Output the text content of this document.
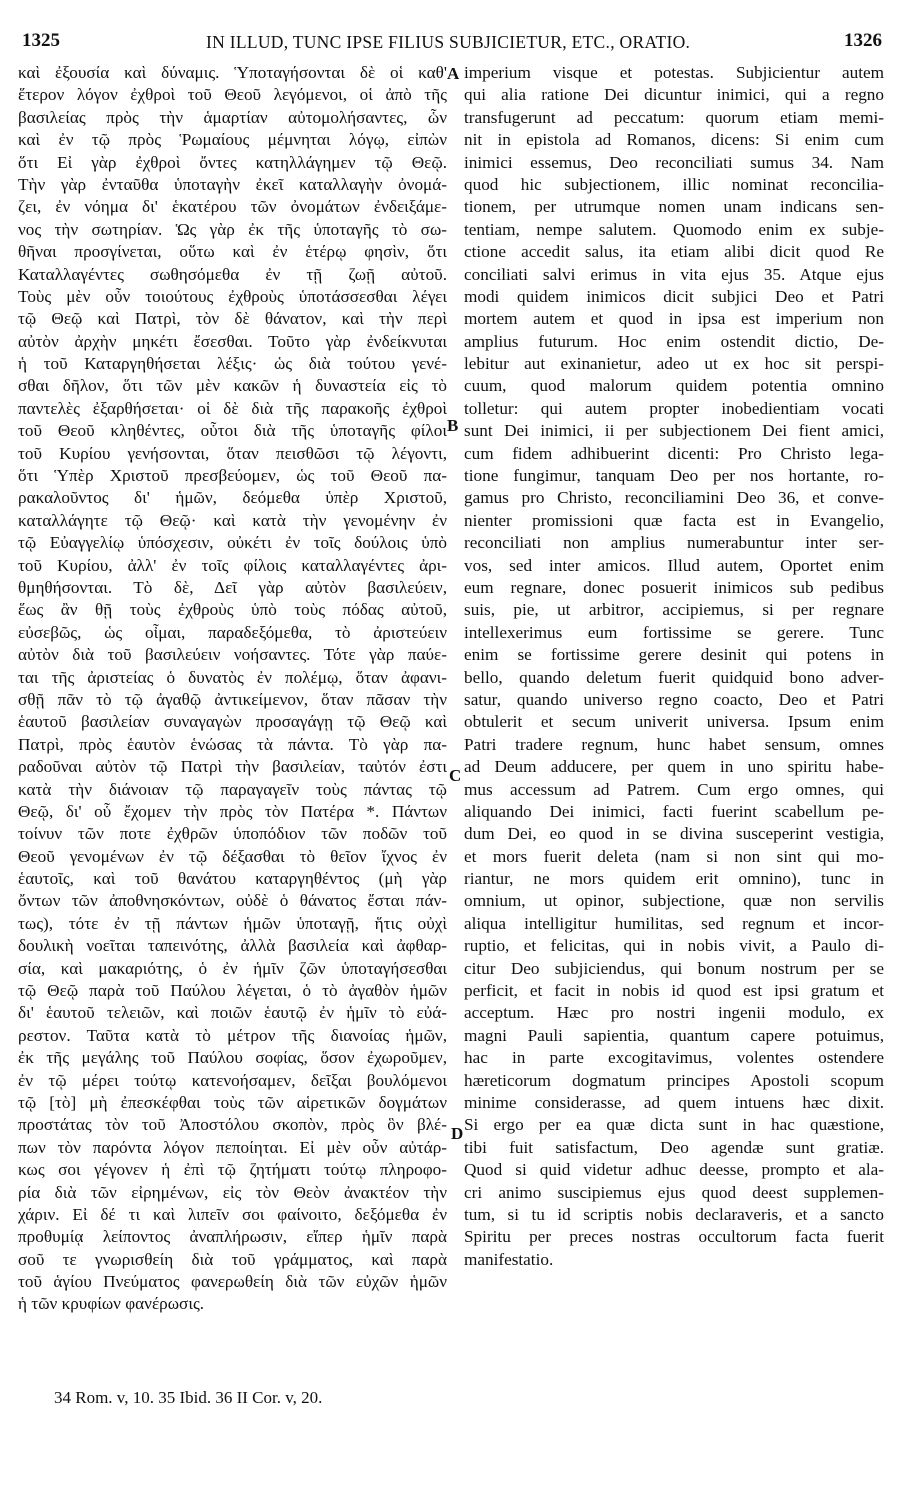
1325	IN ILLUD, TUNC IPSE FILIUS SUBJICIETUR, ETC., ORATIO.	1326
καὶ ἐξουσία καὶ δύναμις. Ὑποταγήσονται δὲ οἱ καθ'
ἕτερον λόγον ἐχθροὶ τοῦ Θεοῦ λεγόμενοι, οἱ ἀπὸ τῆς
βασιλείας πρὸς τὴν ἁμαρτίαν αὐτομολήσαντες, ὧν
καὶ ἐν τῷ πρὸς Ῥωμαίους μέμνηται λόγῳ, εἰπὼν
ὅτι Εἰ γὰρ ἐχθροὶ ὄντες κατηλλάγημεν τῷ Θεῷ.
Τὴν γὰρ ἐνταῦθα ὑποταγὴν ἐκεῖ καταλλαγὴν ὀνομά-
ζει, ἐν νόημα δι' ἑκατέρου τῶν ὀνομάτων ἐνδειξάμε-
νος τὴν σωτηρίαν. Ὡς γὰρ ἐκ τῆς ὑποταγῆς τὸ σω-
θῆναι προσγίνεται, οὕτω καὶ ἐν ἑτέρῳ φησὶν, ὅτι
Καταλλαγέντες σωθησόμεθα ἐν τῇ ζωῇ αὐτοῦ.
Τοὺς μὲν οὖν τοιούτους ἐχθροὺς ὑποτάσσεσθαι λέγει
τῷ Θεῷ καὶ Πατρὶ, τὸν δὲ θάνατον, καὶ τὴν περὶ
αὐτὸν ἀρχὴν μηκέτι ἔσεσθαι. Τοῦτο γὰρ ἐνδείκνυται
ἡ τοῦ Καταργηθήσεται λέξις· ὡς διὰ τούτου γενέ-
σθαι δῆλον, ὅτι τῶν μὲν κακῶν ἡ δυναστεία εἰς τὸ
παντελὲς ἐξαρθήσεται· οἱ δὲ διὰ τῆς παρακοῆς ἐχθροὶ
τοῦ Θεοῦ κληθέντες, οὗτοι διὰ τῆς ὑποταγῆς φίλοι
τοῦ Κυρίου γενήσονται, ὅταν πεισθῶσι τῷ λέγοντι,
ὅτι Ὑπὲρ Χριστοῦ πρεσβεύομεν, ὡς τοῦ Θεοῦ πα-
ρακαλοῦντος δι' ἡμῶν, δεόμεθα ὑπὲρ Χριστοῦ,
καταλλάγητε τῷ Θεῷ· καὶ κατὰ τὴν γενομένην ἐν
τῷ Εὐαγγελίῳ ὑπόσχεσιν, οὐκέτι ἐν τοῖς δούλοις ὑπὸ
τοῦ Κυρίου, ἀλλ' ἐν τοῖς φίλοις καταλλαγέντες ἀρι-
θμηθήσονται. Τὸ δὲ, Δεῖ γὰρ αὐτὸν βασιλεύειν,
ἕως ἂν θῇ τοὺς ἐχθροὺς ὑπὸ τοὺς πόδας αὐτοῦ,
εὐσεβῶς, ὡς οἶμαι, παραδεξόμεθα, τὸ ἀριστεύειν
αὐτὸν διὰ τοῦ βασιλεύειν νοήσαντες. Τότε γὰρ παύε-
ται τῆς ἀριστείας ὁ δυνατὸς ἐν πολέμῳ, ὅταν ἀφανι-
σθῇ πᾶν τὸ τῷ ἀγαθῷ ἀντικείμενον, ὅταν πᾶσαν τὴν
ἑαυτοῦ βασιλείαν συναγαγὼν προσαγάγῃ τῷ Θεῷ καὶ
Πατρὶ, πρὸς ἑαυτὸν ἑνώσας τὰ πάντα. Τὸ γὰρ πα-
ραδοῦναι αὐτὸν τῷ Πατρὶ τὴν βασιλείαν, ταὐτόν ἐστι
κατὰ τὴν διάνοιαν τῷ παραγαγεῖν τοὺς πάντας τῷ
Θεῷ, δι' οὗ ἔχομεν τὴν πρὸς τὸν Πατέρα *. Πάντων
τοίνυν τῶν ποτε ἐχθρῶν ὑποπόδιον τῶν ποδῶν τοῦ
Θεοῦ γενομένων ἐν τῷ δέξασθαι τὸ θεῖον ἴχνος ἐν
ἑαυτοῖς, καὶ τοῦ θανάτου καταργηθέντος (μὴ γὰρ
ὄντων τῶν ἀποθνησκόντων, οὐδὲ ὁ θάνατος ἔσται πάν-
τως), τότε ἐν τῇ πάντων ἡμῶν ὑποταγῇ, ἥτις οὐχὶ
δουλικὴ νοεῖται ταπεινότης, ἀλλὰ βασιλεία καὶ ἀφθαρ-
σία, καὶ μακαριότης, ὁ ἐν ἡμῖν ζῶν ὑποταγήσεσθαι
τῷ Θεῷ παρὰ τοῦ Παύλου λέγεται, ὁ τὸ ἀγαθὸν ἡμῶν
δι' ἑαυτοῦ τελειῶν, καὶ ποιῶν ἑαυτῷ ἐν ἡμῖν τὸ εὐά-
ρεστον. Ταῦτα κατὰ τὸ μέτρον τῆς διανοίας ἡμῶν,
ἐκ τῆς μεγάλης τοῦ Παύλου σοφίας, ὅσον ἐχωροῦμεν,
ἐν τῷ μέρει τούτῳ κατενοήσαμεν, δεῖξαι βουλόμενοι
τῷ [τὸ] μὴ ἐπεσκέφθαι τοὺς τῶν αἱρετικῶν δογμάτων
προστάτας τὸν τοῦ Ἀποστόλου σκοπὸν, πρὸς ὃν βλέ-
πων τὸν παρόντα λόγον πεποίηται. Εἰ μὲν οὖν αὐτάρ-
κως σοι γέγονεν ἡ ἐπὶ τῷ ζητήματι τούτῳ πληροφο-
ρία διὰ τῶν εἰρημένων, εἰς τὸν Θεὸν ἀνακτέον τὴν
χάριν. Εἰ δέ τι καὶ λιπεῖν σοι φαίνοιτο, δεξόμεθα ἐν
προθυμίᾳ λείποντος ἀναπλήρωσιν, εἴπερ ἡμῖν παρὰ
σοῦ τε γνωρισθείη διὰ τοῦ γράμματος, καὶ παρὰ
τοῦ ἁγίου Πνεύματος φανερωθείη διὰ τῶν εὐχῶν ἡμῶν
ἡ τῶν κρυφίων φανέρωσις.
imperium visque et potestas. Subjicientur autem
qui alia ratione Dei dicuntur inimici, qui a regno
transfugerunt ad peccatum: quorum etiam memi-
nit in epistola ad Romanos, dicens: Si enim cum
inimici essemus, Deo reconciliati sumus 34. Nam
quod hic subjectionem, illic nominat reconcilia-
tionem, per utrumque nomen unam indicans sen-
tentiam, nempe salutem. Quomodo enim ex subje-
ctione accedit salus, ita etiam alibi dicit quod Re
conciliati salvi erimus in vita ejus 35. Atque ejus
modi quidem inimicos dicit subjici Deo et Patri
mortem autem et quod in ipsa est imperium non
amplius futurum. Hoc enim ostendit dictio, De-
lebitur aut exinanietur, adeo ut ex hoc sit perspi-
cuum, quod malorum quidem potentia omnino
tolletur: qui autem propter inobedientiam vocati
sunt Dei inimici, ii per subjectionem Dei fient amici,
cum fidem adhibuerint dicenti: Pro Christo lega-
tione fungimur, tanquam Deo per nos hortante, ro-
gamus pro Christo, reconciliamini Deo 36, et conve-
nienter promissioni quæ facta est in Evangelio,
reconciliati non amplius numerabuntur inter ser-
vos, sed inter amicos. Illud autem, Oportet enim
eum regnare, donec posuerit inimicos sub pedibus
suis, pie, ut arbitror, accipiemus, si per regnare
intellexerimus eum fortissime se gerere. Tunc
enim se fortissime gerere desinit qui potens in
bello, quando deletum fuerit quidquid bono adver-
satur, quando universo regno coacto, Deo et Patri
obtulerit et secum univerit universa. Ipsum enim
Patri tradere regnum, hunc habet sensum, omnes
ad Deum adducere, per quem in uno spiritu habe-
mus accessum ad Patrem. Cum ergo omnes, qui
aliquando Dei inimici, facti fuerint scabellum pe-
dum Dei, eo quod in se divina susceperint vestigia,
et mors fuerit deleta (nam si non sint qui mo-
riantur, ne mors quidem erit omnino), tunc in
omnium, ut opinor, subjectione, quæ non servilis
aliqua intelligitur humilitas, sed regnum et incor-
ruptio, et felicitas, qui in nobis vivit, a Paulo di-
citur Deo subjiciendus, qui bonum nostrum per se
perficit, et facit in nobis id quod est ipsi gratum et
acceptum. Hæc pro nostri ingenii modulo, ex
magni Pauli sapientia, quantum capere potuimus,
hac in parte excogitavimus, volentes ostendere
hæreticorum dogmatum principes Apostoli scopum
minime considerasse, ad quem intuens hæc dixit.
Si ergo per ea quæ dicta sunt in hac quæstione,
tibi fuit satisfactum, Deo agendæ sunt gratiæ.
Quod si quid videtur adhuc deesse, prompto et ala-
cri animo suscipiemus ejus quod deest supplemen-
tum, si tu id scriptis nobis declaraveris, et a sancto
Spiritu per preces nostras occultorum facta fuerit
manifestatio.
A
B
C
D
34 Rom. v, 10. 35 Ibid. 36 II Cor. v, 20.
